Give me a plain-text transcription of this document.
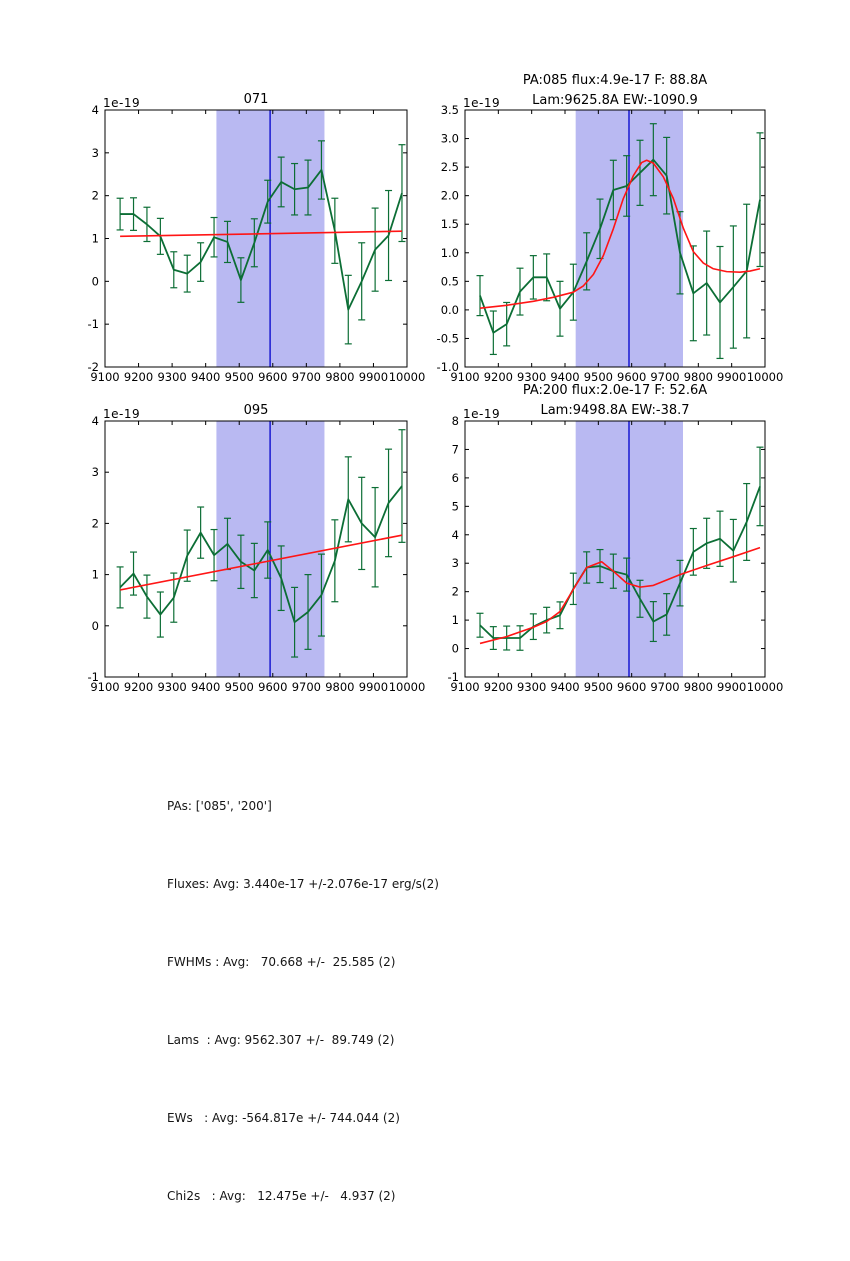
9100 9200 9300 9400 9500 9600 9700 9800 9900 10000
-2
-1
0
1
2
3
4
9100 9200 9300 9400 9500 9600 9700 9800 9900 10000
-1.0
-0.5
0.0
0.5
1.0
1.5
2.0
2.5
3.0
3.5
9100 9200 9300 9400 9500 9600 9700 9800 9900 10000
-1
0
1
2
3
4
9100 9200 9300 9400 9500 9600 9700 9800 9900 10000
-1
0
1
2
3
4
5
6
7
8
071
PA:085 flux:4.9e-17 F: 88.8A
Lam:9625.8A EW:-1090.9
095
PA:200 flux:2.0e-17 F: 52.6A
Lam:9498.8A EW:-38.7
1e-19	1e-19
1e-19	1e-19

PAs: ['085', '200']

Fluxes: Avg: 3.440e-17 +/-2.076e-17 erg/s(2)

FWHMs : Avg:   70.668 +/-  25.585 (2)

Lams  : Avg: 9562.307 +/-  89.749 (2)

EWs   : Avg: -564.817e +/- 744.044 (2)

Chi2s   : Avg:   12.475e +/-   4.937 (2)
